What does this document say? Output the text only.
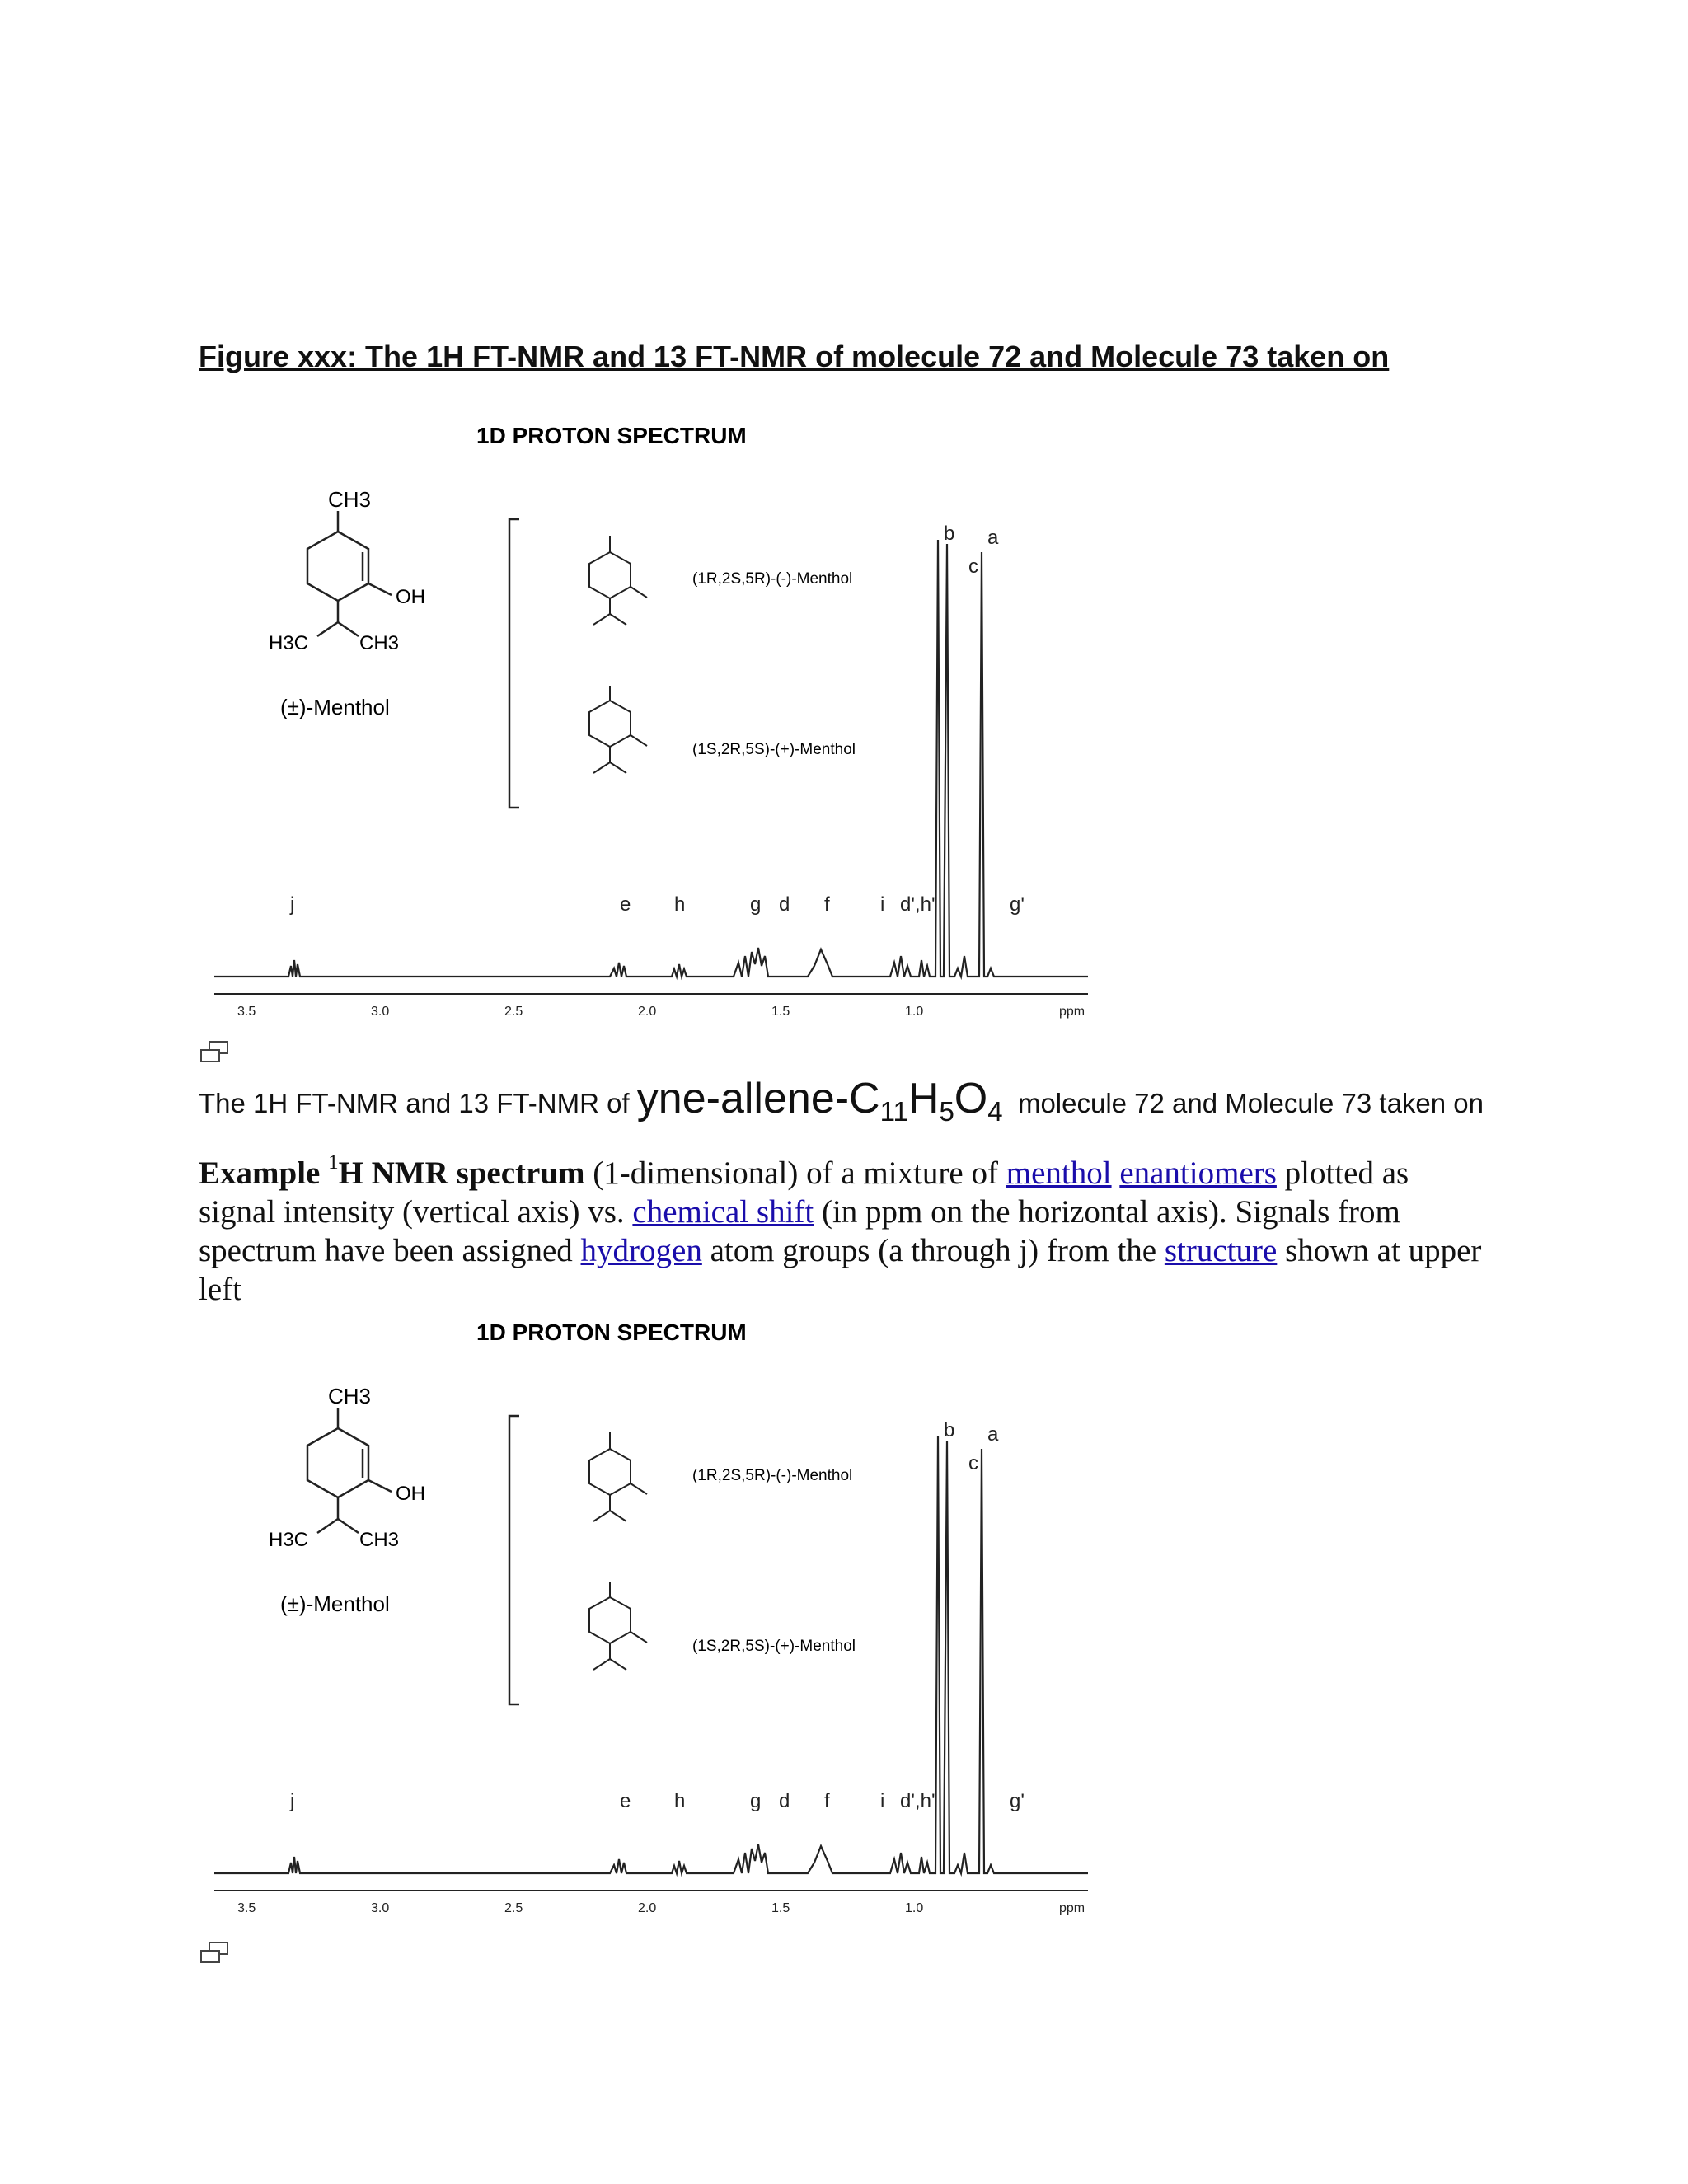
Figure xxx: The 1H FT-NMR and 13 FT-NMR of molecule 72 and Molecule 73 taken on
1D PROTON SPECTRUM
CH3
OH
H3C	CH3
(±)-Menthol
(1R,2S,5R)-(-)-Menthol
(1S,2R,5S)-(+)-Menthol
j	e h	g d f	i d',h'	g'
b
c
a
3.5	3.0	2.5	2.0	1.5	1.0	ppm
The 1H FT-NMR and 13 FT-NMR of yne-$allene-C_{11}H_5O_4$ molecule 72 and Molecule 73 taken on
Example $^1$H NMR spectrum (1-dimensional) of a mixture of menthol enantiomers plotted as signal intensity (vertical axis) vs. chemical shift (in ppm on the horizontal axis). Signals from spectrum have been assigned hydrogen atom groups (a through j) from the structure shown at upper left
1D PROTON SPECTRUM
CH3
OH
H3C	CH3
(±)-Menthol
(1R,2S,5R)-(-)-Menthol
(1S,2R,5S)-(+)-Menthol
j	e h	g d f	i d',h'	g'
b
c
a
3.5	3.0	2.5	2.0	1.5	1.0	ppm
